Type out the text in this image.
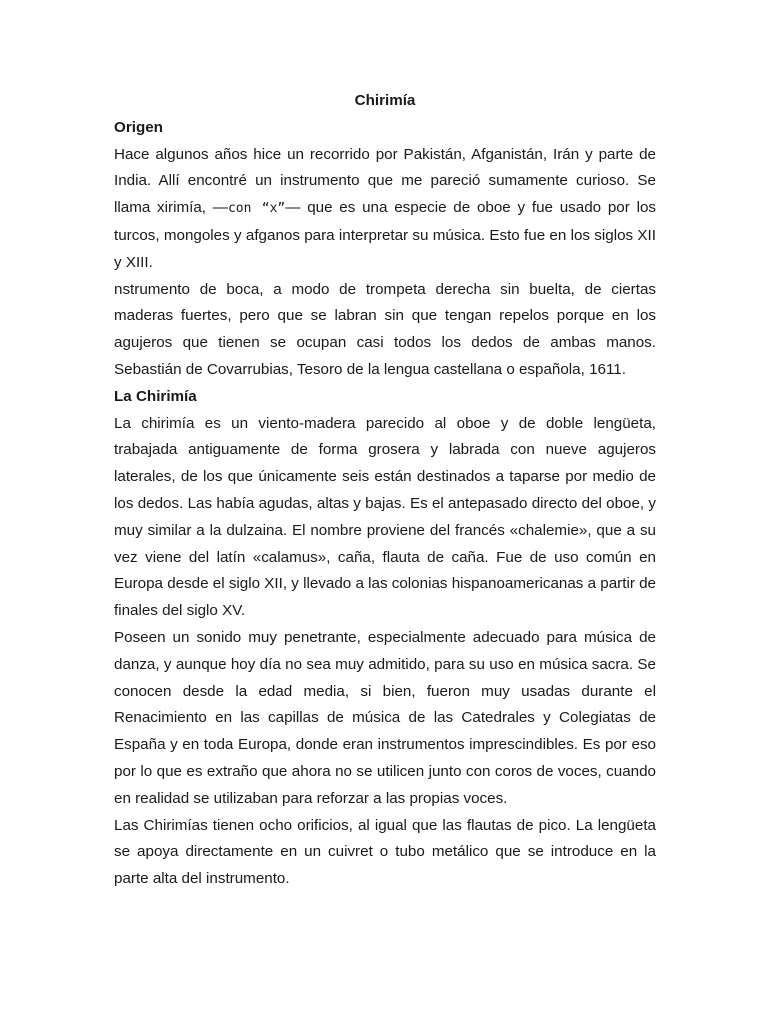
Chirimía

Origen

Hace algunos años hice un recorrido por Pakistán, Afganistán, Irán y parte de India. Allí encontré un instrumento que me pareció sumamente curioso. Se llama xirimía, —con “x”— que es una especie de oboe y fue usado por los turcos, mongoles y afganos para interpretar su música. Esto fue en los siglos XII y XIII.

nstrumento de boca, a modo de trompeta derecha sin buelta, de ciertas maderas fuertes, pero que se labran sin que tengan repelos porque en los agujeros que tienen se ocupan casi todos los dedos de ambas manos. Sebastián de Covarrubias, Tesoro de la lengua castellana o española, 1611.

La Chirimía

La chirimía es un viento-madera parecido al oboe y de doble lengüeta, trabajada antiguamente de forma grosera y labrada con nueve agujeros laterales, de los que únicamente seis están destinados a taparse por medio de los dedos. Las había agudas, altas y bajas. Es el antepasado directo del oboe, y muy similar a la dulzaina. El nombre proviene del francés «chalemie», que a su vez viene del latín «calamus», caña, flauta de caña. Fue de uso común en Europa desde el siglo XII, y llevado a las colonias hispanoamericanas a partir de finales del siglo XV.

Poseen un sonido muy penetrante, especialmente adecuado para música de danza, y aunque hoy día no sea muy admitido, para su uso en música sacra. Se conocen desde la edad media, si bien, fueron muy usadas durante el Renacimiento en las capillas de música de las Catedrales y Colegiatas de España y en toda Europa, donde eran instrumentos imprescindibles. Es por eso por lo que es extraño que ahora no se utilicen junto con coros de voces, cuando en realidad se utilizaban para reforzar a las propias voces.

Las Chirimías tienen ocho orificios, al igual que las flautas de pico. La lengüeta se apoya directamente en un cuivret o tubo metálico que se introduce en la parte alta del instrumento.
